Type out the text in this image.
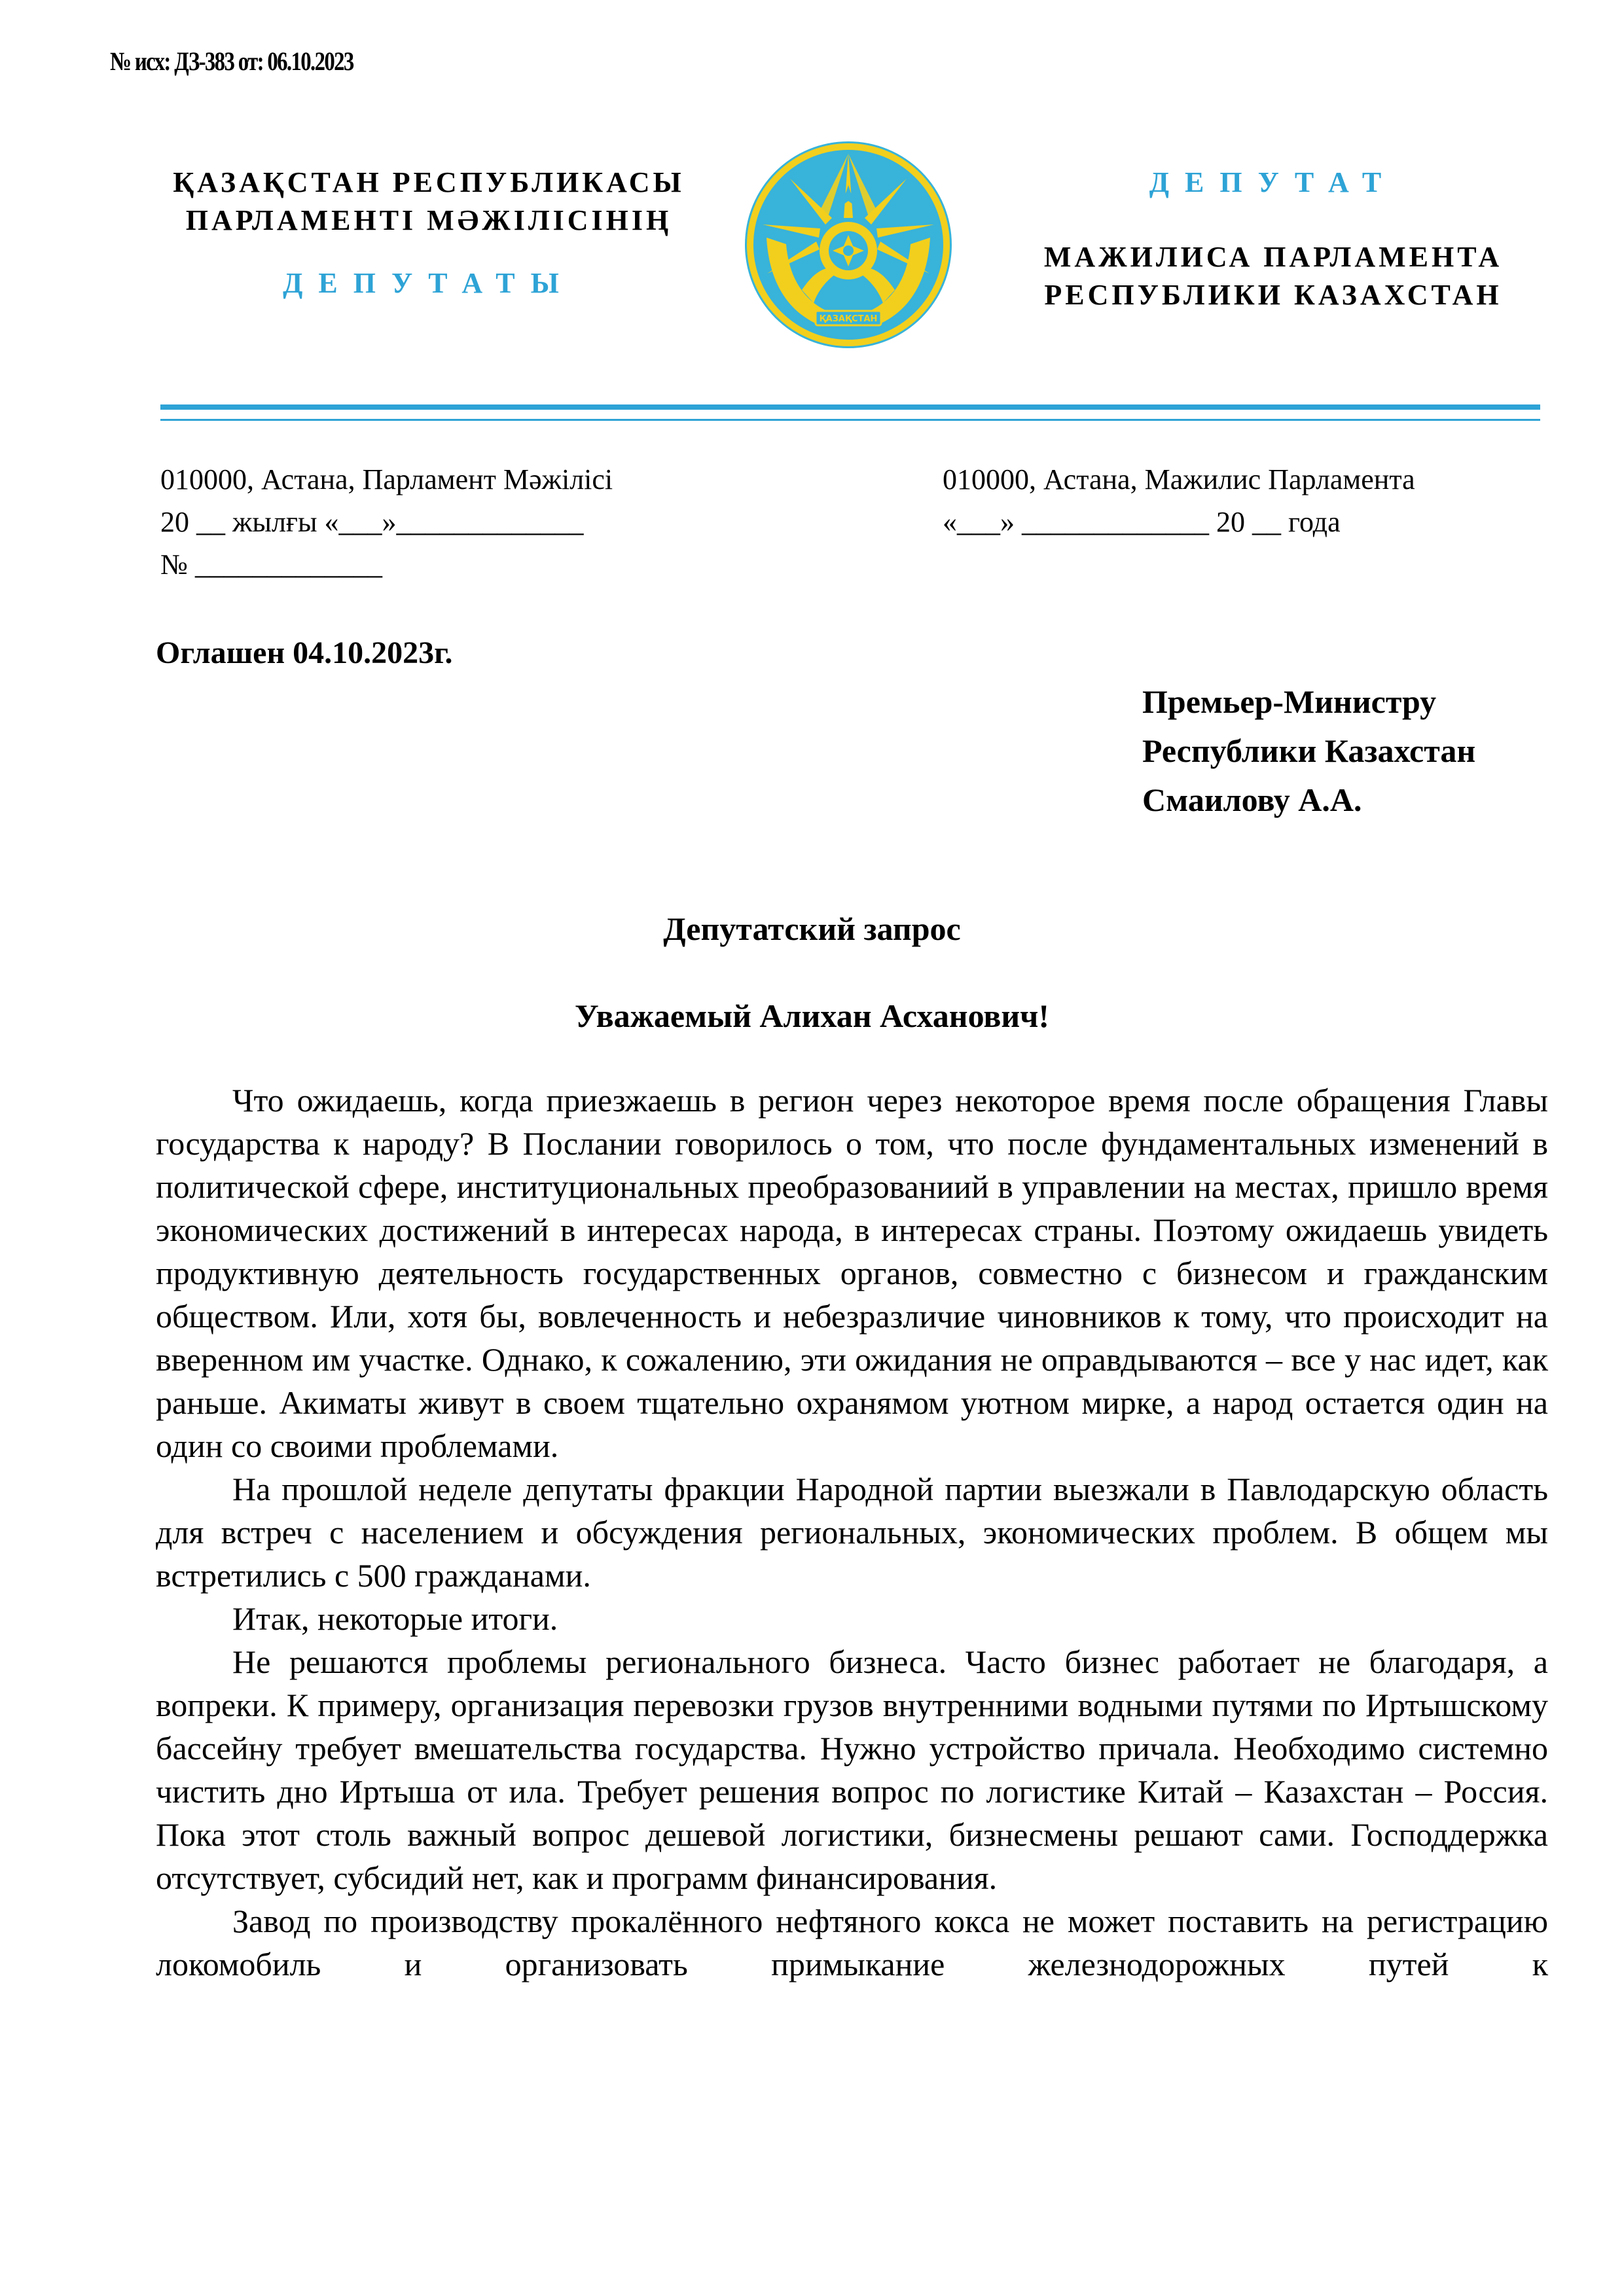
№ исх: ДЗ-383 от: 06.10.2023
ҚАЗАҚСТАН РЕСПУБЛИКАСЫ
ПАРЛАМЕНТІ МӘЖІЛІСІНІҢ
ДЕПУТАТЫ
ҚАЗАҚСТАН
ДЕПУТАТ
МАЖИЛИСА ПАРЛАМЕНТА
РЕСПУБЛИКИ КАЗАХСТАН
010000, Астана, Парламент Мәжілісі
20 __ жылғы «___»_____________
№ _____________
010000, Астана, Мажилис Парламента
«___» _____________ 20 __ года
Оглашен 04.10.2023г.
Премьер-Министру
Республики Казахстан
Смаилову А.А.
Депутатский запрос
Уважаемый Алихан Асханович!

Что ожидаешь, когда приезжаешь в регион через некоторое время после обращения Главы государства к народу? В Послании говорилось о том, что после фундаментальных изменений в политической сфере, институциональных преобразованиий в управлении на местах, пришло время экономических достижений в интересах народа, в интересах страны. Поэтому ожидаешь увидеть продуктивную деятельность государственных органов, совместно с бизнесом и гражданским обществом. Или, хотя бы, вовлеченность и небезразличие чиновников к тому, что происходит на вверенном им участке. Однако, к сожалению, эти ожидания не оправдываются – все у нас идет, как раньше. Акиматы живут в своем тщательно охранямом уютном мирке, а народ остается один на один со своими проблемами.

На прошлой неделе депутаты фракции Народной партии выезжали в Павлодарскую область для встреч с населением и обсуждения региональных, экономических проблем. В общем мы встретились с 500 гражданами.

Итак, некоторые итоги.

Не решаются проблемы регионального бизнеса. Часто бизнес работает не благодаря, а вопреки. К примеру, организация перевозки грузов внутренними водными путями по Иртышскому бассейну требует вмешательства государства. Нужно устройство причала. Необходимо системно чистить дно Иртыша от ила. Требует решения вопрос по логистике Китай – Казахстан – Россия. Пока этот столь важный вопрос дешевой логистики, бизнесмены решают сами. Господдержка отсутствует, субсидий нет, как и программ финансирования.

Завод по производству прокалённого нефтяного кокса не может поставить на регистрацию локомобиль и организовать примыкание железнодорожных путей к
